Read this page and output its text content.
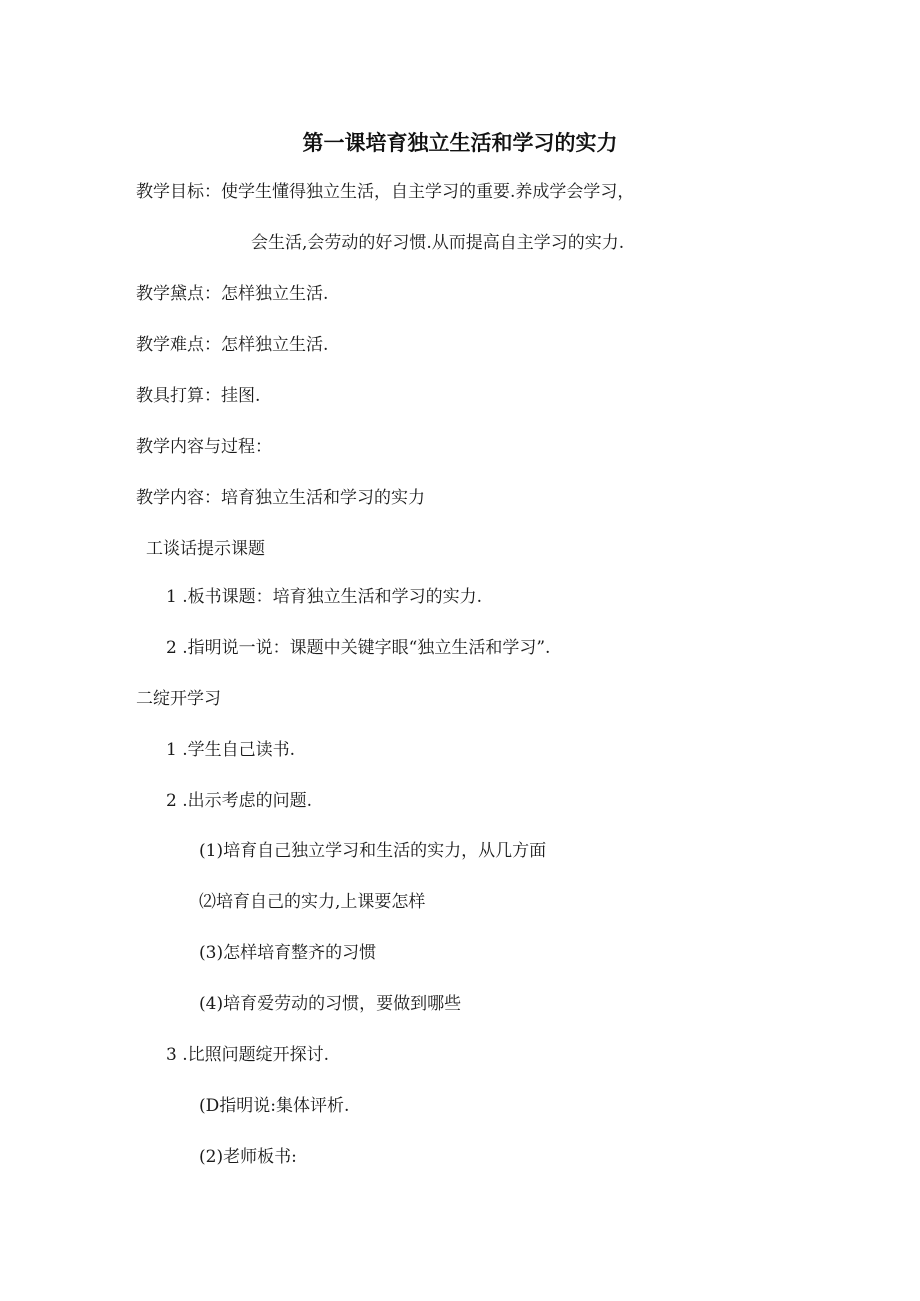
第一课培育独立生活和学习的实力
教学目标：使学生懂得独立生活，自主学习的重要.养成学会学习，
会生活,会劳动的好习惯.从而提高自主学习的实力.
教学黛点：怎样独立生活.
教学难点：怎样独立生活.
教具打算：挂图.
教学内容与过程：
教学内容：培育独立生活和学习的实力
工谈话提示课题
1 .板书课题：培育独立生活和学习的实力.
2 .指明说一说：课题中关键字眼“独立生活和学习”.
二绽开学习
1 .学生自己读书.
2 .出示考虑的问题.
(1)培育自己独立学习和生活的实力，从几方面
⑵培育自己的实力,上课要怎样
(3)怎样培育整齐的习惯
(4)培育爱劳动的习惯，要做到哪些
3 .比照问题绽开探讨.
(D指明说:集体评析.
(2)老师板书:
